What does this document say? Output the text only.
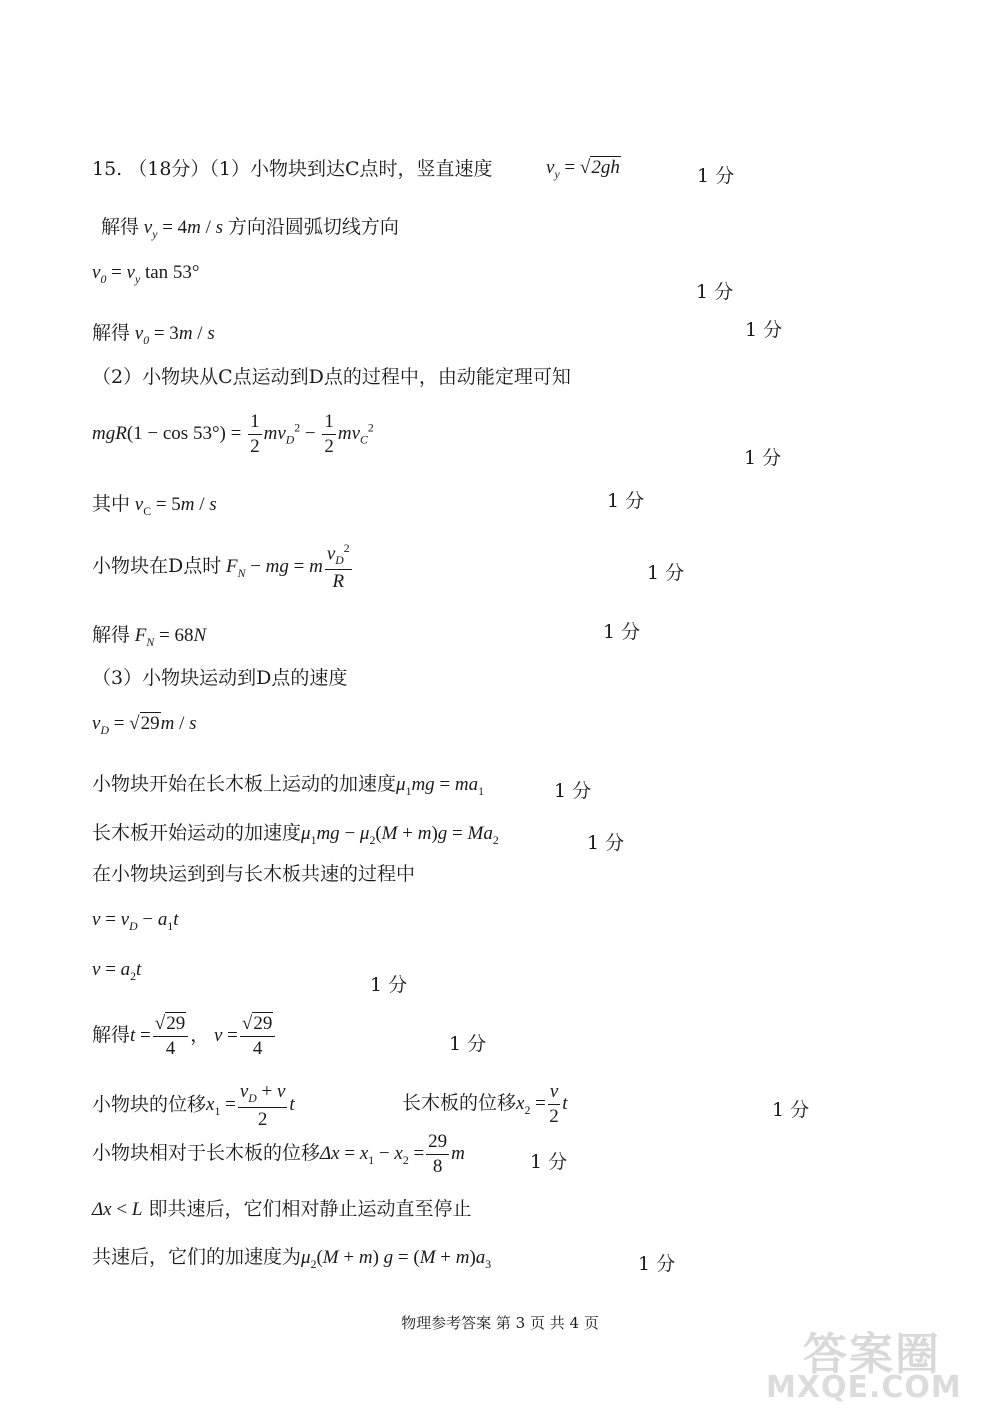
15. （18分）（1）小物块到达C点时，竖直速度	$v_y = √2gh$	1 分
解得 $v_y = 4m / s$ 方向沿圆弧切线方向
$v_0 = v_y$ tan 53°
1 分
解得 $v_0 = 3m / s$	1 分
（2）小物块从C点运动到D点的过程中，由动能定理可知
$mgR(1 - \cos 53^\circ) = \frac{1}{2} mv_D^2 - \frac{1}{2} mv_C^2$
1 分
其中 $v_C = 5m / s$	1 分
小物块在D点时 $F_N$ − mg = m $\frac{v_D^2}{R}$	1 分
解得 $F_N = 68N$	1 分
（3）小物块运动到D点的速度
$v_D = √29m / s$
小物块开始在长木板上运动的加速度$\mu_1mg = ma_1$	1 分
长木板开始运动的加速度$\mu_1mg - \mu_2(M + m)g = Ma_2$	1 分
在小物块运到到与长木板共速的过程中
$v = v_D - a_1t$
$v = a_2t$
1 分
解得$t = \frac{√29}{4}$ ， $v = \frac{√29}{4}$	1 分
小物块的位移$x_1 = \frac{v_D + v}{2}$ t	长木板的位移$x_2 = \frac{v}{2}$ t	1 分
小物块相对于长木板的位移$\Delta x = x_1 - x_2 = \frac{29}{8}$ m	1 分
Δx < L 即共速后，它们相对静止运动直至停止
共速后，它们的加速度为$\mu_2(M + m) g = (M + m)a_3$	1 分
物理参考答案 第 3 页 共 4 页
答案圈
MXQE.COM
